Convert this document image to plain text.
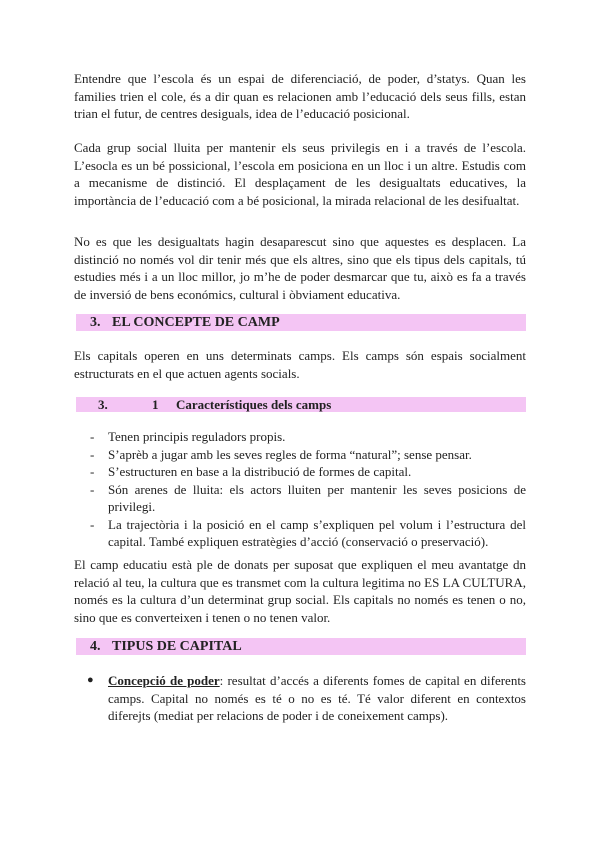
Entendre que l’escola és un espai de diferenciació, de poder, d’statys. Quan les families trien el cole, és a dir quan es relacionen amb l’educació dels seus fills, estan trian el futur, de centres desiguals, idea de l’educació posicional.

Cada grup social lluita per mantenir els seus privilegis en i a través de l’escola. L’esocla es un bé possicional, l’escola em posiciona en un lloc i un altre. Estudis com a mecanisme de distinció. El desplaçament de les desigualtats educatives, la importància de l’educació com a bé posicional, la mirada relacional de les desifualtat.

No es que les desigualtats hagin desaparescut sino que aquestes es desplacen. La distinció no només vol dir tenir més que els altres, sino que els tipus dels capitals, tú estudies més i a un lloc millor, jo m’he de poder desmarcar que tu, això es fa a través de inversió de bens económics, cultural i òbviament educativa.

3. EL CONCEPTE DE CAMP

Els capitals operen en uns determinats camps. Els camps són espais socialment estructurats en el que actuen agents socials.

3.	1 Característiques dels camps
- Tenen principis reguladors propis.
- S’aprèb a jugar amb les seves regles de forma “natural”; sense pensar.
- S’estructuren en base a la distribució de formes de capital.
- Són arenes de lluita: els actors lluiten per mantenir les seves posicions de privilegi.
- La trajectòria i la posició en el camp s’expliquen pel volum i l’estructura del capital. També expliquen estratègies d’acció (conservació o preservació).

El camp educatiu està ple de donats per suposat que expliquen el meu avantatge dn relació al teu, la cultura que es transmet com la cultura legitima no ES LA CULTURA, només es la cultura d’un determinat grup social. Els capitals no només es tenen o no, sino que es converteixen i tenen o no tenen valor.

4. TIPUS DE CAPITAL
● Concepció de poder: resultat d’accés a diferents fomes de capital en diferents camps. Capital no només es té o no es té. Té valor diferent en contextos diferejts (mediat per relacions de poder i de coneixement camps).
